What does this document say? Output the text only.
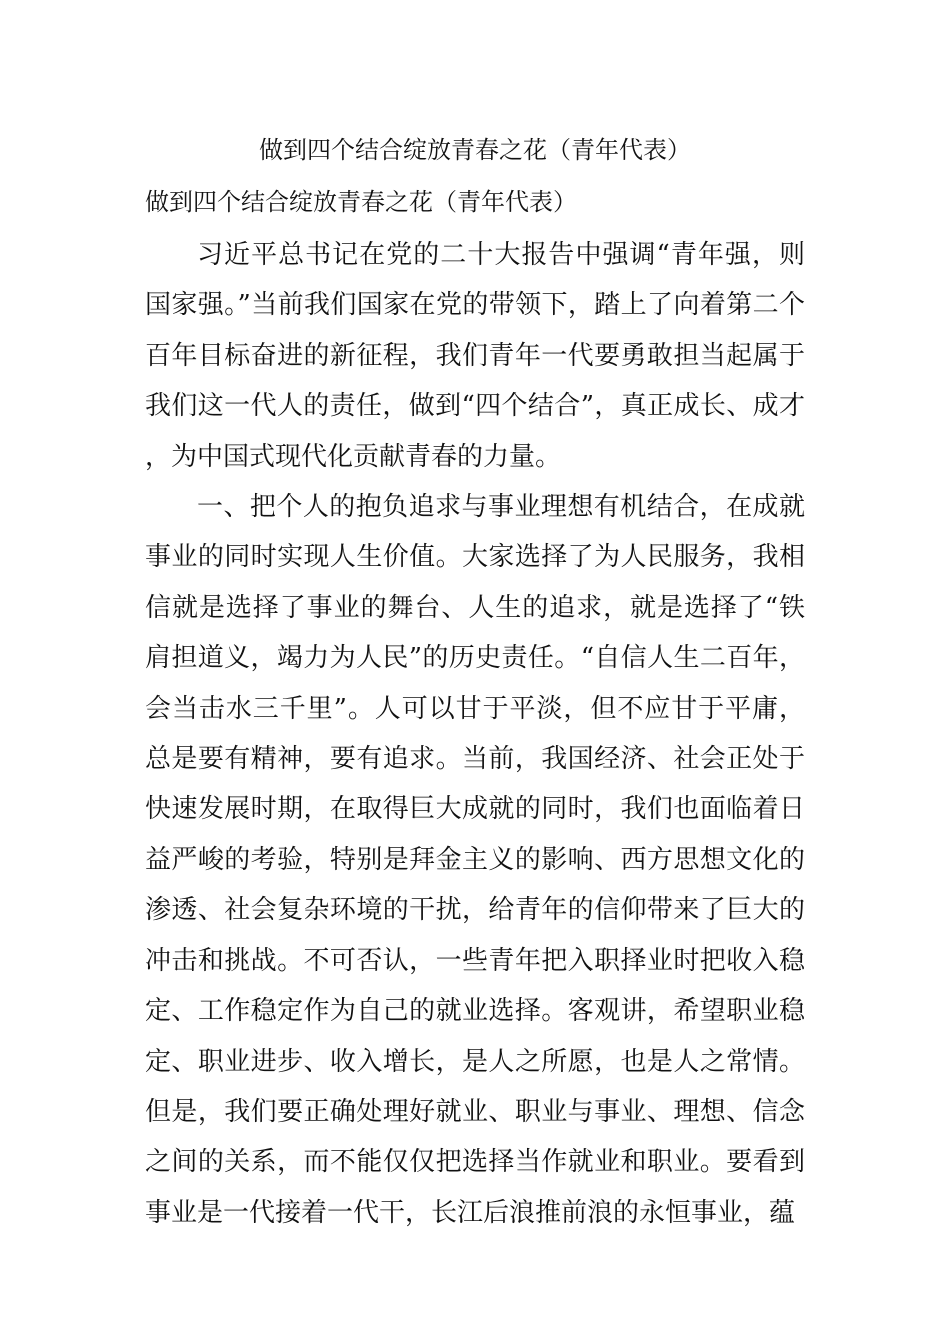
做到四个结合绽放青春之花（青年代表）
做到四个结合绽放青春之花（青年代表）

习近平总书记在党的二十大报告中强调“青年强，则国家强。”当前我们国家在党的带领下，踏上了向着第二个百年目标奋进的新征程，我们青年一代要勇敢担当起属于我们这一代人的责任，做到“四个结合”，真正成长、成才，为中国式现代化贡献青春的力量。

一、把个人的抱负追求与事业理想有机结合，在成就事业的同时实现人生价值。大家选择了为人民服务，我相信就是选择了事业的舞台、人生的追求，就是选择了“铁肩担道义，竭力为人民”的历史责任。“自信人生二百年，会当击水三千里”。人可以甘于平淡，但不应甘于平庸，总是要有精神，要有追求。当前，我国经济、社会正处于快速发展时期，在取得巨大成就的同时，我们也面临着日益严峻的考验，特别是拜金主义的影响、西方思想文化的渗透、社会复杂环境的干扰，给青年的信仰带来了巨大的冲击和挑战。不可否认，一些青年把入职择业时把收入稳定、工作稳定作为自己的就业选择。客观讲，希望职业稳定、职业进步、收入增长，是人之所愿，也是人之常情。但是，我们要正确处理好就业、职业与事业、理想、信念之间的关系，而不能仅仅把选择当作就业和职业。要看到事业是一代接着一代干，长江后浪推前浪的永恒事业，蕴
